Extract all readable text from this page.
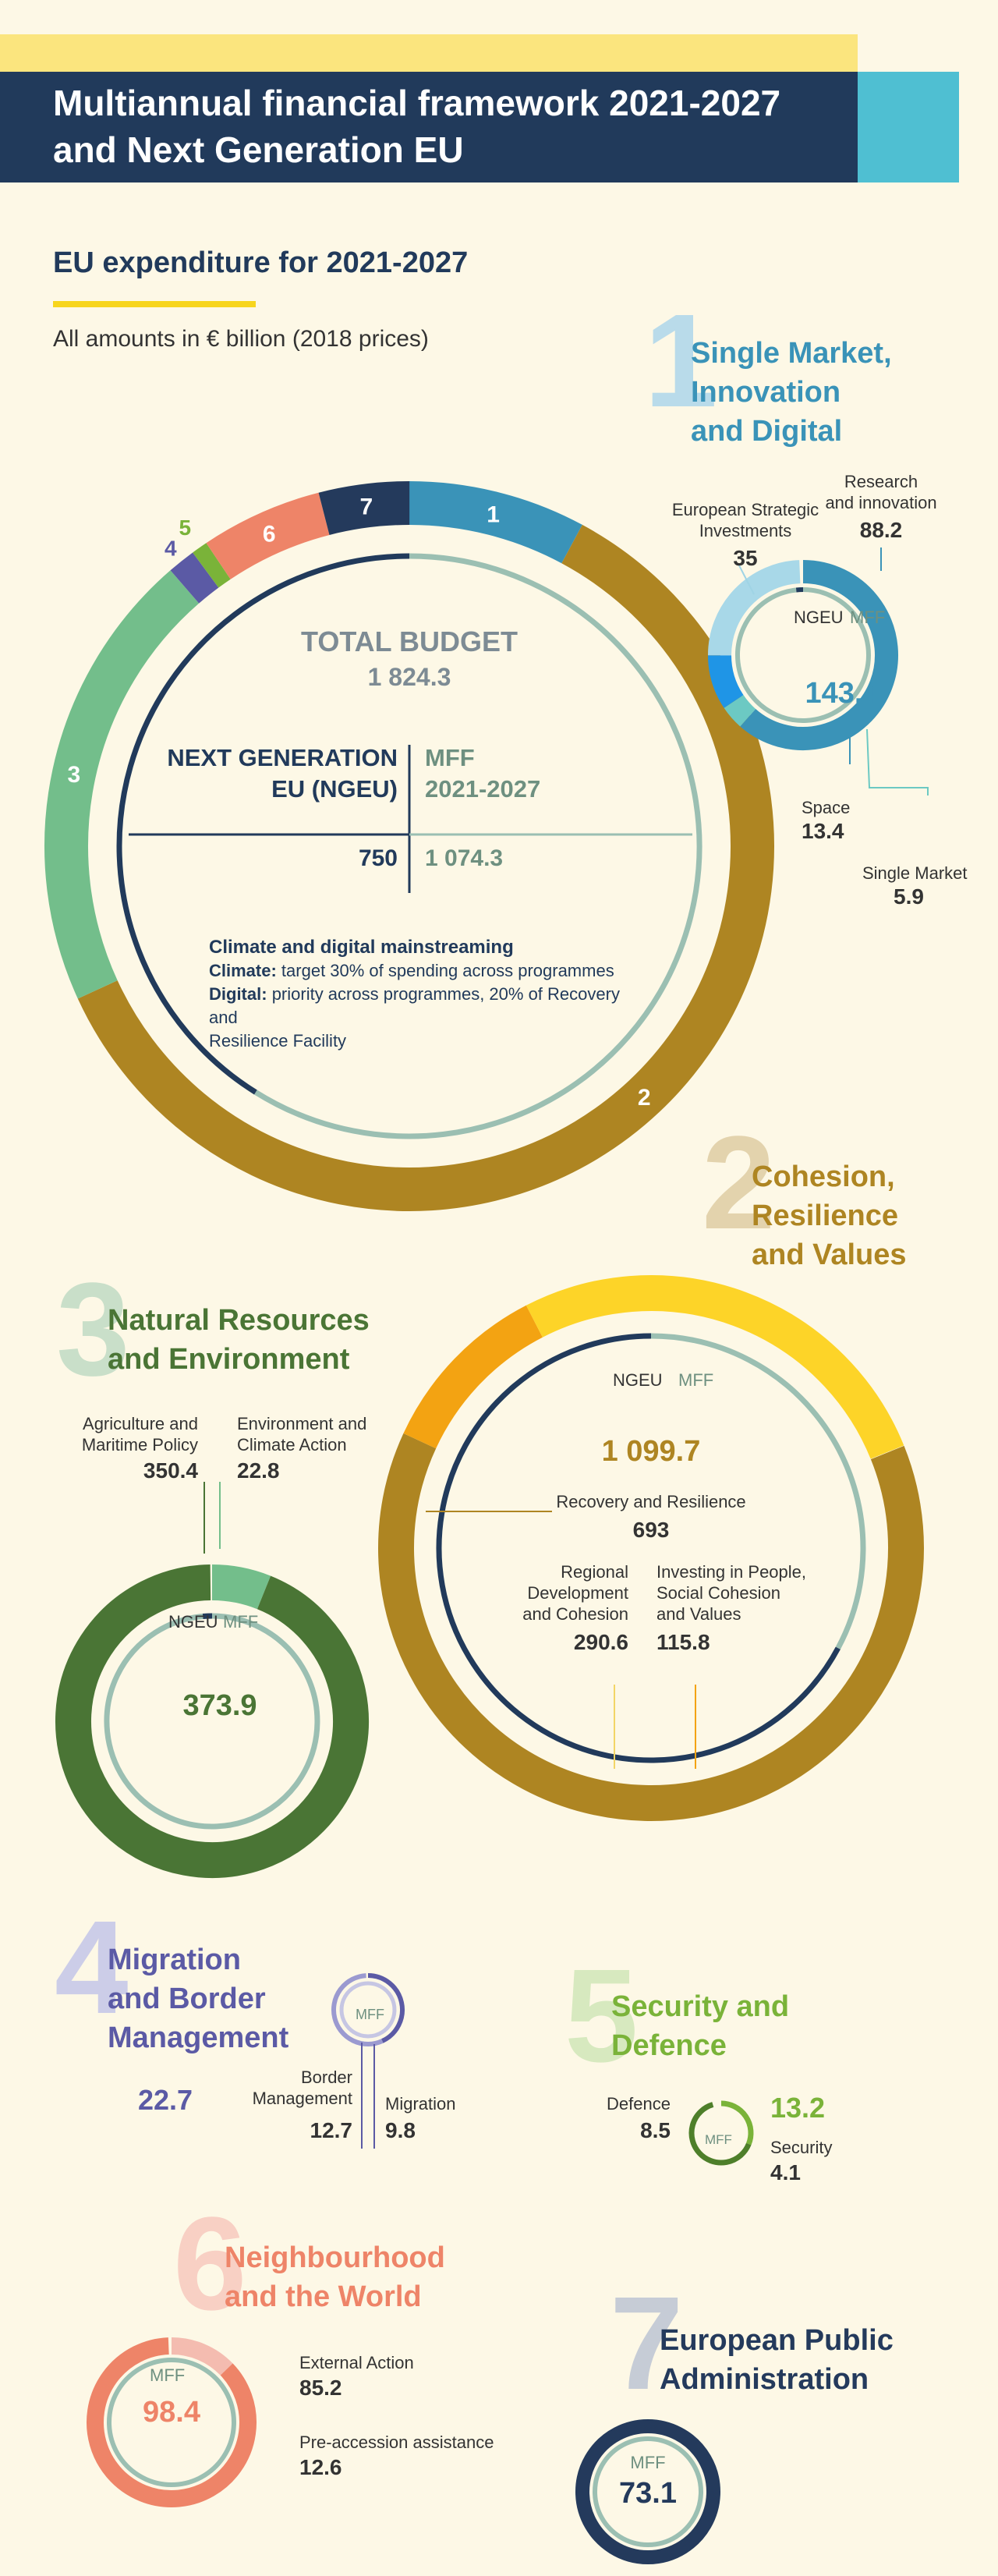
Multiannual financial framework 2021-2027
and Next Generation EU
EU expenditure for 2021-2027
All amounts in € billion (2018 prices)
1
2
3
4
5	6
7
TOTAL BUDGET
1 824.3
NEXT GENERATION
EU (NGEU)
MFF
2021-2027
750 1 074.3
Climate and digital mainstreaming
Climate: target 30% of spending across programmes
Digital: priority across programmes, 20% of Recovery and
Resilience Facility
1
Single Market,
Innovation
and Digital
European Strategic
Investments
35
Research
and innovation
88.2
NGEU MFF
143.4
Space
13.4
Single Market
5.9
2
Cohesion,
Resilience
and Values
NGEU MFF
1 099.7
Recovery and Resilience
693
Regional
Development
and Cohesion
290.6
Investing in People,
Social Cohesion
and Values
115.8
3
Natural Resources
and Environment
Agriculture and
Maritime Policy
350.4
Environment and
Climate Action
22.8
NGEU MFF
373.9
4
Migration
and Border
Management
22.7
MFF
Border
Management
12.7
Migration
9.8
5
Security and
Defence
MFF
Defence
8.5
13.2
Security
4.1
6
Neighbourhood
and the World
MFF
98.4
External Action
85.2
Pre-accession assistance
12.6
7
European Public
Administration
MFF
73.1
